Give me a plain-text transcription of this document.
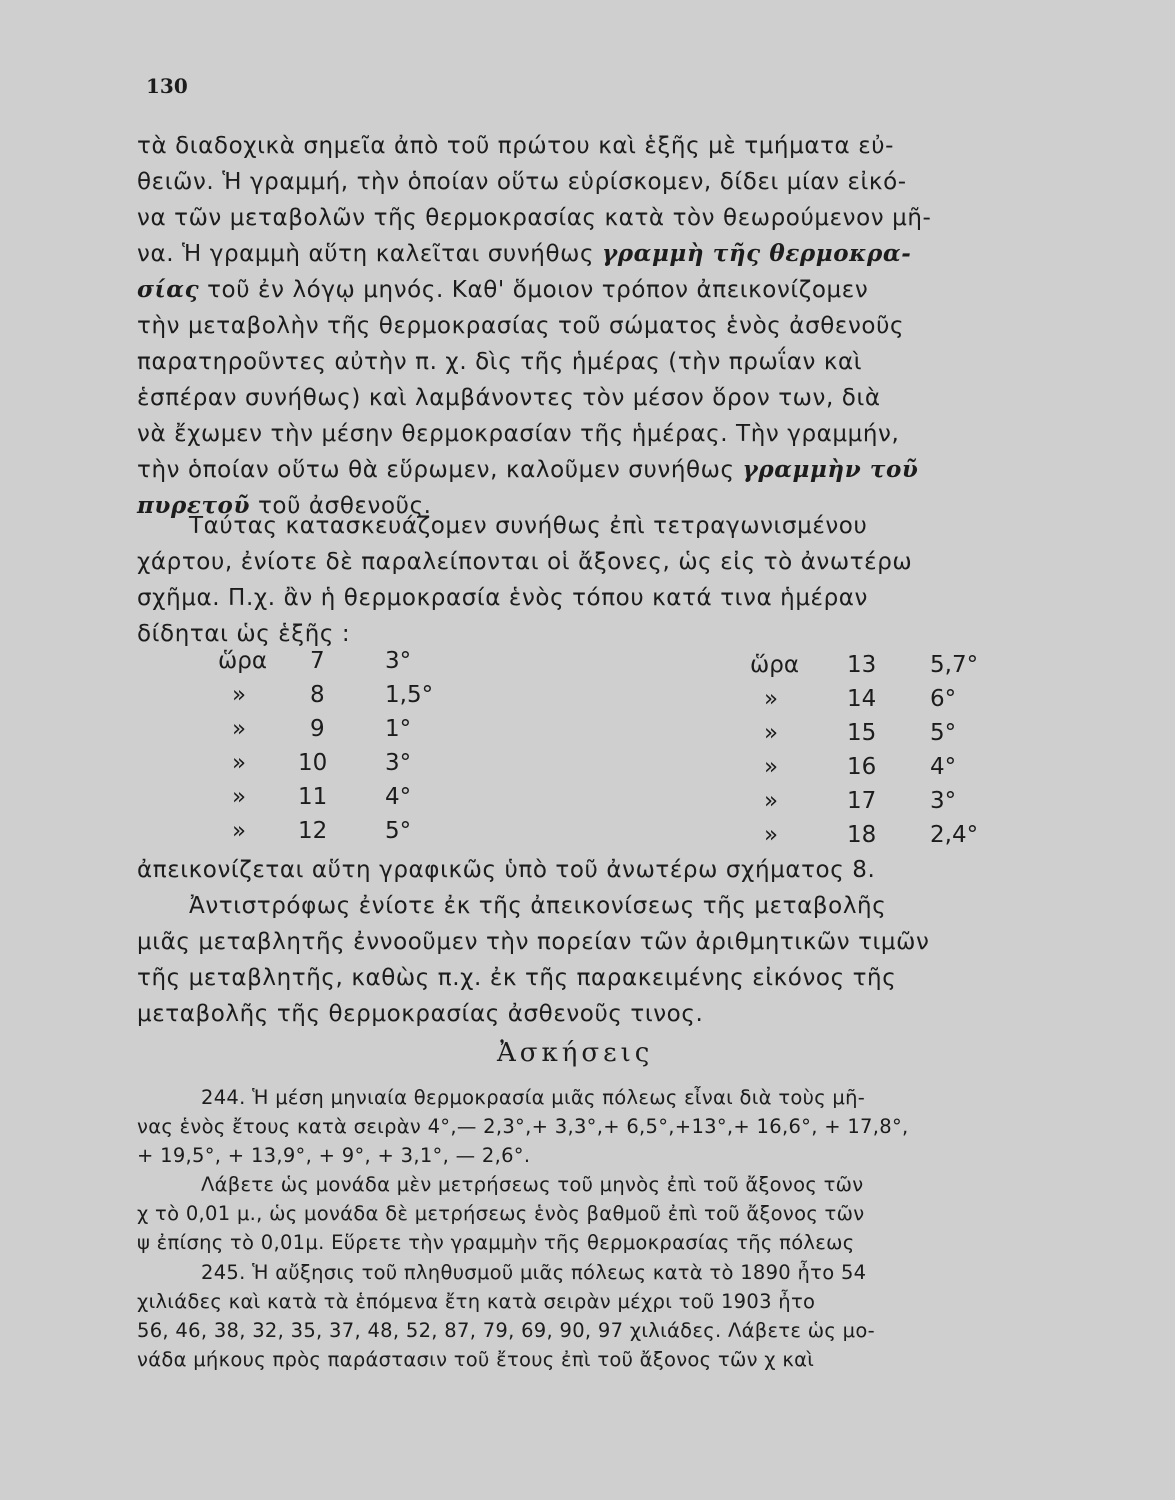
130
τὰ διαδοχικὰ σημεῖα ἀπὸ τοῦ πρώτου καὶ ἑξῆς μὲ τμήματα εὐ-
θειῶν. Ἡ γραμμή, τὴν ὁποίαν οὕτω εὑρίσκομεν, δίδει μίαν εἰκό-
να τῶν μεταβολῶν τῆς θερμοκρασίας κατὰ τὸν θεωρούμενον μῆ-
να. Ἡ γραμμὴ αὕτη καλεῖται συνήθως γραμμὴ τῆς θερμοκρα-
σίας τοῦ ἐν λόγῳ μηνός. Καθ' ὅμοιον τρόπον ἀπεικονίζομεν
τὴν μεταβολὴν τῆς θερμοκρασίας τοῦ σώματος ἑνὸς ἀσθενοῦς
παρατηροῦντες αὐτὴν π. χ. δὶς τῆς ἡμέρας (τὴν πρωΐαν καὶ
ἑσπέραν συνήθως) καὶ λαμβάνοντες τὸν μέσον ὅρον των, διὰ
νὰ ἔχωμεν τὴν μέσην θερμοκρασίαν τῆς ἡμέρας. Τὴν γραμμήν,
τὴν ὁποίαν οὕτω θὰ εὕρωμεν, καλοῦμεν συνήθως γραμμὴν τοῦ
πυρετοῦ τοῦ ἀσθενοῦς.
Ταύτας κατασκευάζομεν συνήθως ἐπὶ τετραγωνισμένου
χάρτου, ἐνίοτε δὲ παραλείπονται οἱ ἄξονες, ὡς εἰς τὸ ἀνωτέρω
σχῆμα. Π.χ. ἂν ἡ θερμοκρασία ἑνὸς τόπου κατά τινα ἡμέραν
δίδηται ὡς ἑξῆς :
ὥρα 7	3°
»	8	1,5°
»	9	1°
» 10	3°
» 11	4°
» 12	5°
ὥρα 13 5,7°
»	14 6°
»	15 5°
»	16 4°
»	17 3°
»	18 2,4°
ἀπεικονίζεται αὕτη γραφικῶς ὑπὸ τοῦ ἀνωτέρω σχήματος 8.
Ἀντιστρόφως ἐνίοτε ἐκ τῆς ἀπεικονίσεως τῆς μεταβολῆς
μιᾶς μεταβλητῆς ἐννοοῦμεν τὴν πορείαν τῶν ἀριθμητικῶν τιμῶν
τῆς μεταβλητῆς, καθὼς π.χ. ἐκ τῆς παρακειμένης εἰκόνος τῆς
μεταβολῆς τῆς θερμοκρασίας ἀσθενοῦς τινος.
Ἀσκήσεις
244. Ἡ μέση μηνιαία θερμοκρασία μιᾶς πόλεως εἶναι διὰ τοὺς μῆ-
νας ἑνὸς ἔτους κατὰ σειρὰν 4°,— 2,3°,+ 3,3°,+ 6,5°,+13°,+ 16,6°, + 17,8°,
+ 19,5°, + 13,9°, + 9°, + 3,1°, — 2,6°.
Λάβετε ὡς μονάδα μὲν μετρήσεως τοῦ μηνὸς ἐπὶ τοῦ ἄξονος τῶν
χ τὸ 0,01 μ., ὡς μονάδα δὲ μετρήσεως ἑνὸς βαθμοῦ ἐπὶ τοῦ ἄξονος τῶν
ψ ἐπίσης τὸ 0,01μ. Εὕρετε τὴν γραμμὴν τῆς θερμοκρασίας τῆς πόλεως
245. Ἡ αὔξησις τοῦ πληθυσμοῦ μιᾶς πόλεως κατὰ τὸ 1890 ἦτο 54
χιλιάδες καὶ κατὰ τὰ ἑπόμενα ἔτη κατὰ σειρὰν μέχρι τοῦ 1903 ἦτο
56, 46, 38, 32, 35, 37, 48, 52, 87, 79, 69, 90, 97 χιλιάδες. Λάβετε ὡς μο-
νάδα μήκους πρὸς παράστασιν τοῦ ἔτους ἐπὶ τοῦ ἄξονος τῶν χ καὶ
